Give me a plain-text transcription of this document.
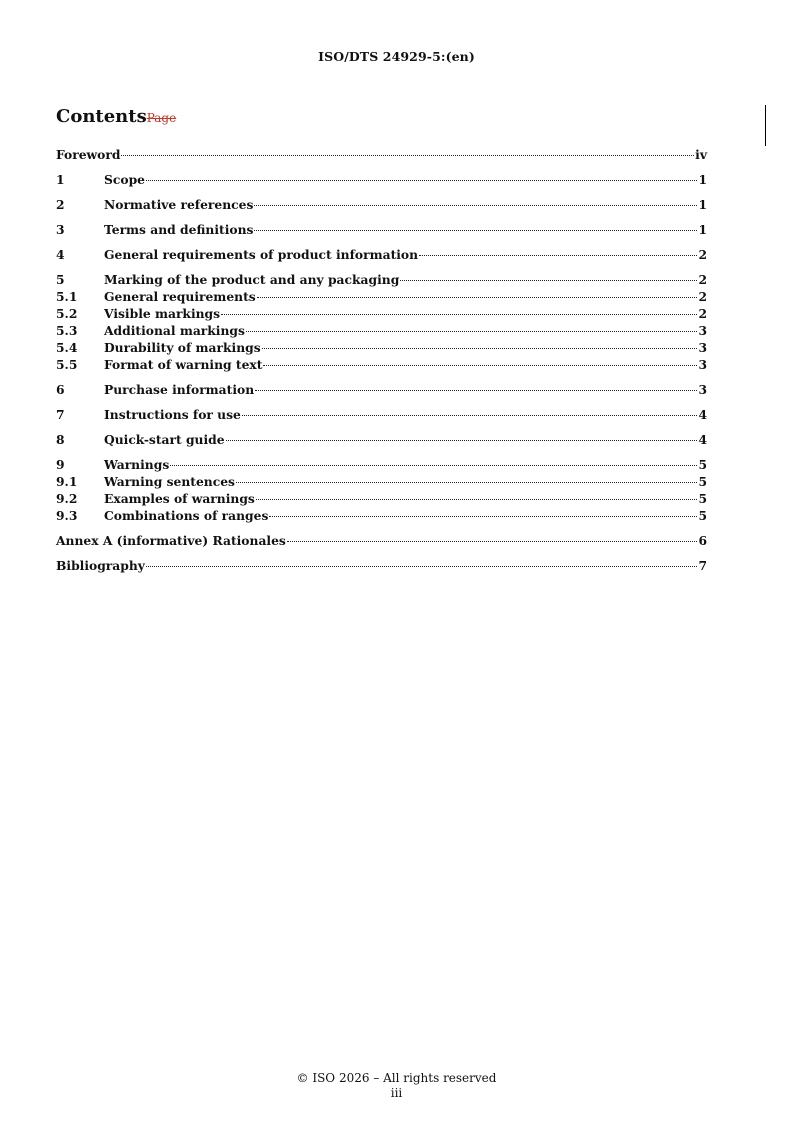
ISO/DTS 24929-5:(en)
ContentsPage
Foreword	iv
1	Scope	1
2	Normative references	1
3	Terms and definitions	1
4	General requirements of product information	2
5	Marking of the product and any packaging	2
5.1	General requirements	2
5.2	Visible markings	2
5.3	Additional markings	3
5.4	Durability of markings	3
5.5	Format of warning text	3
6	Purchase information	3
7	Instructions for use	4
8	Quick-start guide	4
9	Warnings	5
9.1	Warning sentences	5
9.2	Examples of warnings	5
9.3	Combinations of ranges	5
Annex A (informative) Rationales	6
Bibliography	7
© ISO 2026 – All rights reserved
iii
